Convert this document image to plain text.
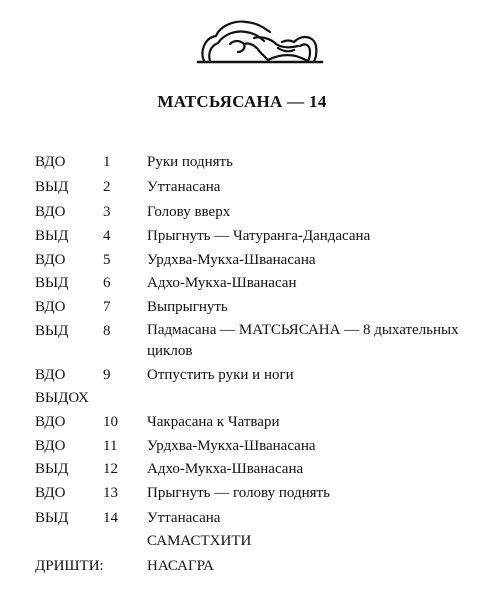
МАТСЬЯСАНА — 14
ВДО	1 Руки поднять
ВЫД 2 Уттанасана
ВДО	3 Голову вверх
ВЫД 4 Прыгнуть — Чатуранга-Дандасана
ВДО	5 Урдхва-Мукха-Шванасана
ВЫД 6 Адхо-Мукха-Шванасан
ВДО	7 Выпрыгнуть
ВЫД 8 Падмасана — МАТСЬЯСАНА — 8 дыхательных циклов
ВДО	9 Отпустить руки и ноги
ВЫДОХ
ВДО	10 Чакрасана к Чатвари
ВДО	11 Урдхва-Мукха-Шванасана
ВЫД 12 Адхо-Мукха-Шванасана
ВДО	13 Прыгнуть — голову поднять
ВЫД 14 Уттанасана
САМАСТХИТИ
ДРИШТИ:	НАСАГРА
